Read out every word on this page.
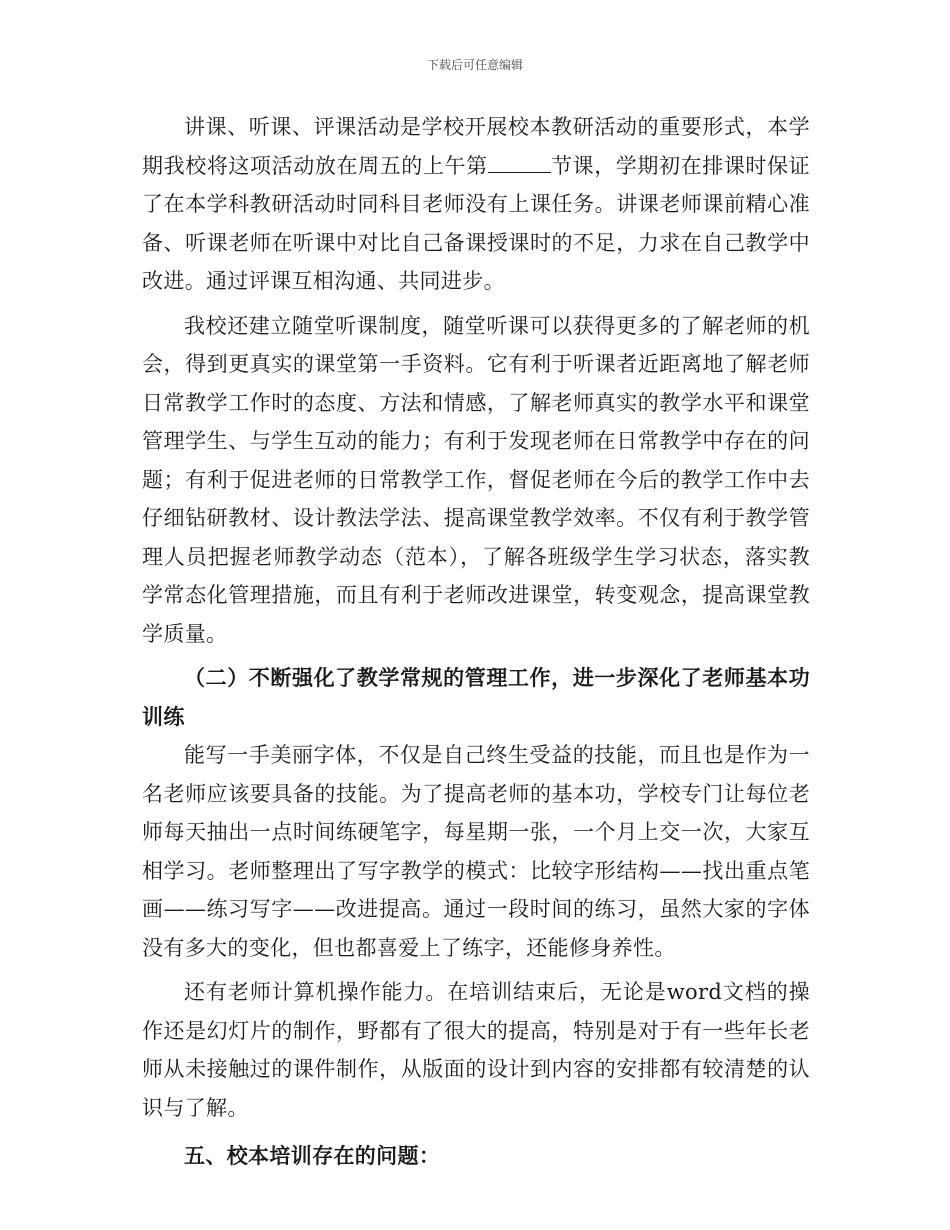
下载后可任意编辑

讲课、听课、评课活动是学校开展校本教研活动的重要形式，本学期我校将这项活动放在周五的上午第	节课，学期初在排课时保证了在本学科教研活动时同科目老师没有上课任务。讲课老师课前精心准备、听课老师在听课中对比自己备课授课时的不足，力求在自己教学中改进。通过评课互相沟通、共同进步。

我校还建立随堂听课制度，随堂听课可以获得更多的了解老师的机会，得到更真实的课堂第一手资料。它有利于听课者近距离地了解老师日常教学工作时的态度、方法和情感，了解老师真实的教学水平和课堂管理学生、与学生互动的能力；有利于发现老师在日常教学中存在的问题；有利于促进老师的日常教学工作，督促老师在今后的教学工作中去仔细钻研教材、设计教法学法、提高课堂教学效率。不仅有利于教学管理人员把握老师教学动态（范本），了解各班级学生学习状态，落实教学常态化管理措施，而且有利于老师改进课堂，转变观念，提高课堂教学质量。

（二）不断强化了教学常规的管理工作，进一步深化了老师基本功训练

能写一手美丽字体，不仅是自己终生受益的技能，而且也是作为一名老师应该要具备的技能。为了提高老师的基本功，学校专门让每位老师每天抽出一点时间练硬笔字，每星期一张，一个月上交一次，大家互相学习。老师整理出了写字教学的模式：比较字形结构——找出重点笔画——练习写字——改进提高。通过一段时间的练习，虽然大家的字体没有多大的变化，但也都喜爱上了练字，还能修身养性。

还有老师计算机操作能力。在培训结束后，无论是word文档的操作还是幻灯片的制作，野都有了很大的提高，特别是对于有一些年长老师从未接触过的课件制作，从版面的设计到内容的安排都有较清楚的认识与了解。

五、校本培训存在的问题：
